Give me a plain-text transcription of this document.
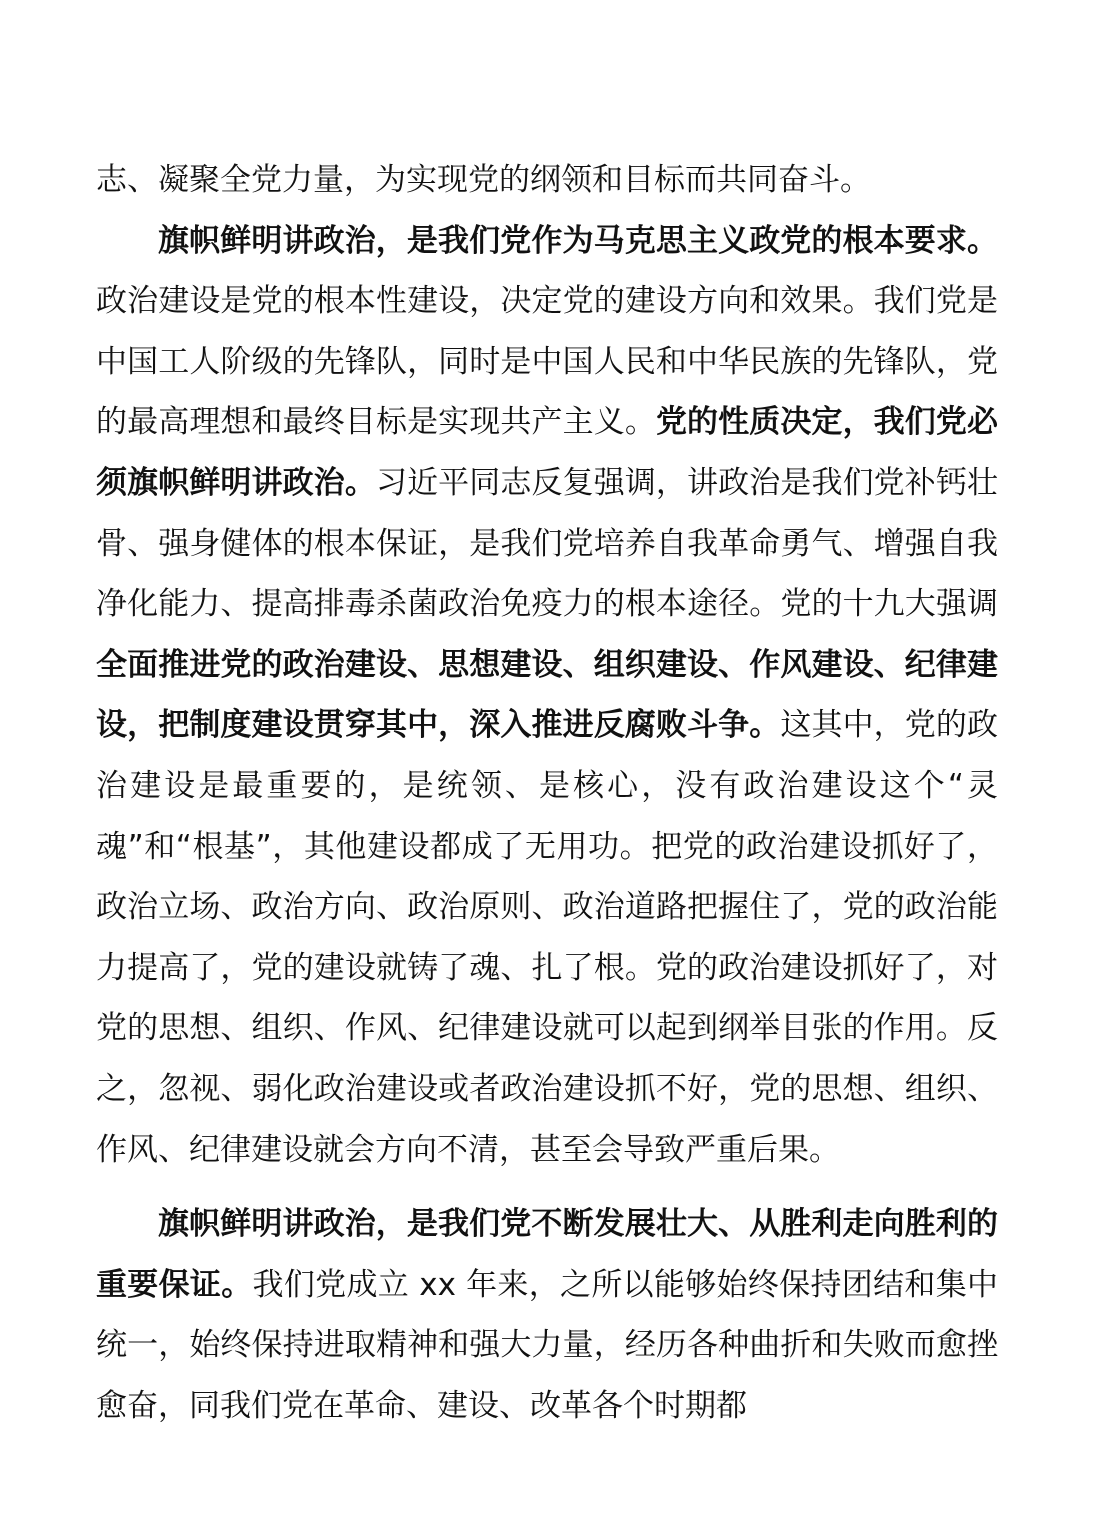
志、凝聚全党力量，为实现党的纲领和目标而共同奋斗。

旗帜鲜明讲政治，是我们党作为马克思主义政党的根本要求。政治建设是党的根本性建设，决定党的建设方向和效果。我们党是中国工人阶级的先锋队，同时是中国人民和中华民族的先锋队，党的最高理想和最终目标是实现共产主义。党的性质决定，我们党必须旗帜鲜明讲政治。习近平同志反复强调，讲政治是我们党补钙壮骨、强身健体的根本保证，是我们党培养自我革命勇气、增强自我净化能力、提高排毒杀菌政治免疫力的根本途径。党的十九大强调全面推进党的政治建设、思想建设、组织建设、作风建设、纪律建设，把制度建设贯穿其中，深入推进反腐败斗争。这其中，党的政治建设是最重要的，是统领、是核心，没有政治建设这个“灵魂”和“根基”，其他建设都成了无用功。把党的政治建设抓好了，政治立场、政治方向、政治原则、政治道路把握住了，党的政治能力提高了，党的建设就铸了魂、扎了根。党的政治建设抓好了，对党的思想、组织、作风、纪律建设就可以起到纲举目张的作用。反之，忽视、弱化政治建设或者政治建设抓不好，党的思想、组织、作风、纪律建设就会方向不清，甚至会导致严重后果。

旗帜鲜明讲政治，是我们党不断发展壮大、从胜利走向胜利的重要保证。我们党成立 xx 年来，之所以能够始终保持团结和集中统一，始终保持进取精神和强大力量，经历各种曲折和失败而愈挫愈奋，同我们党在革命、建设、改革各个时期都
